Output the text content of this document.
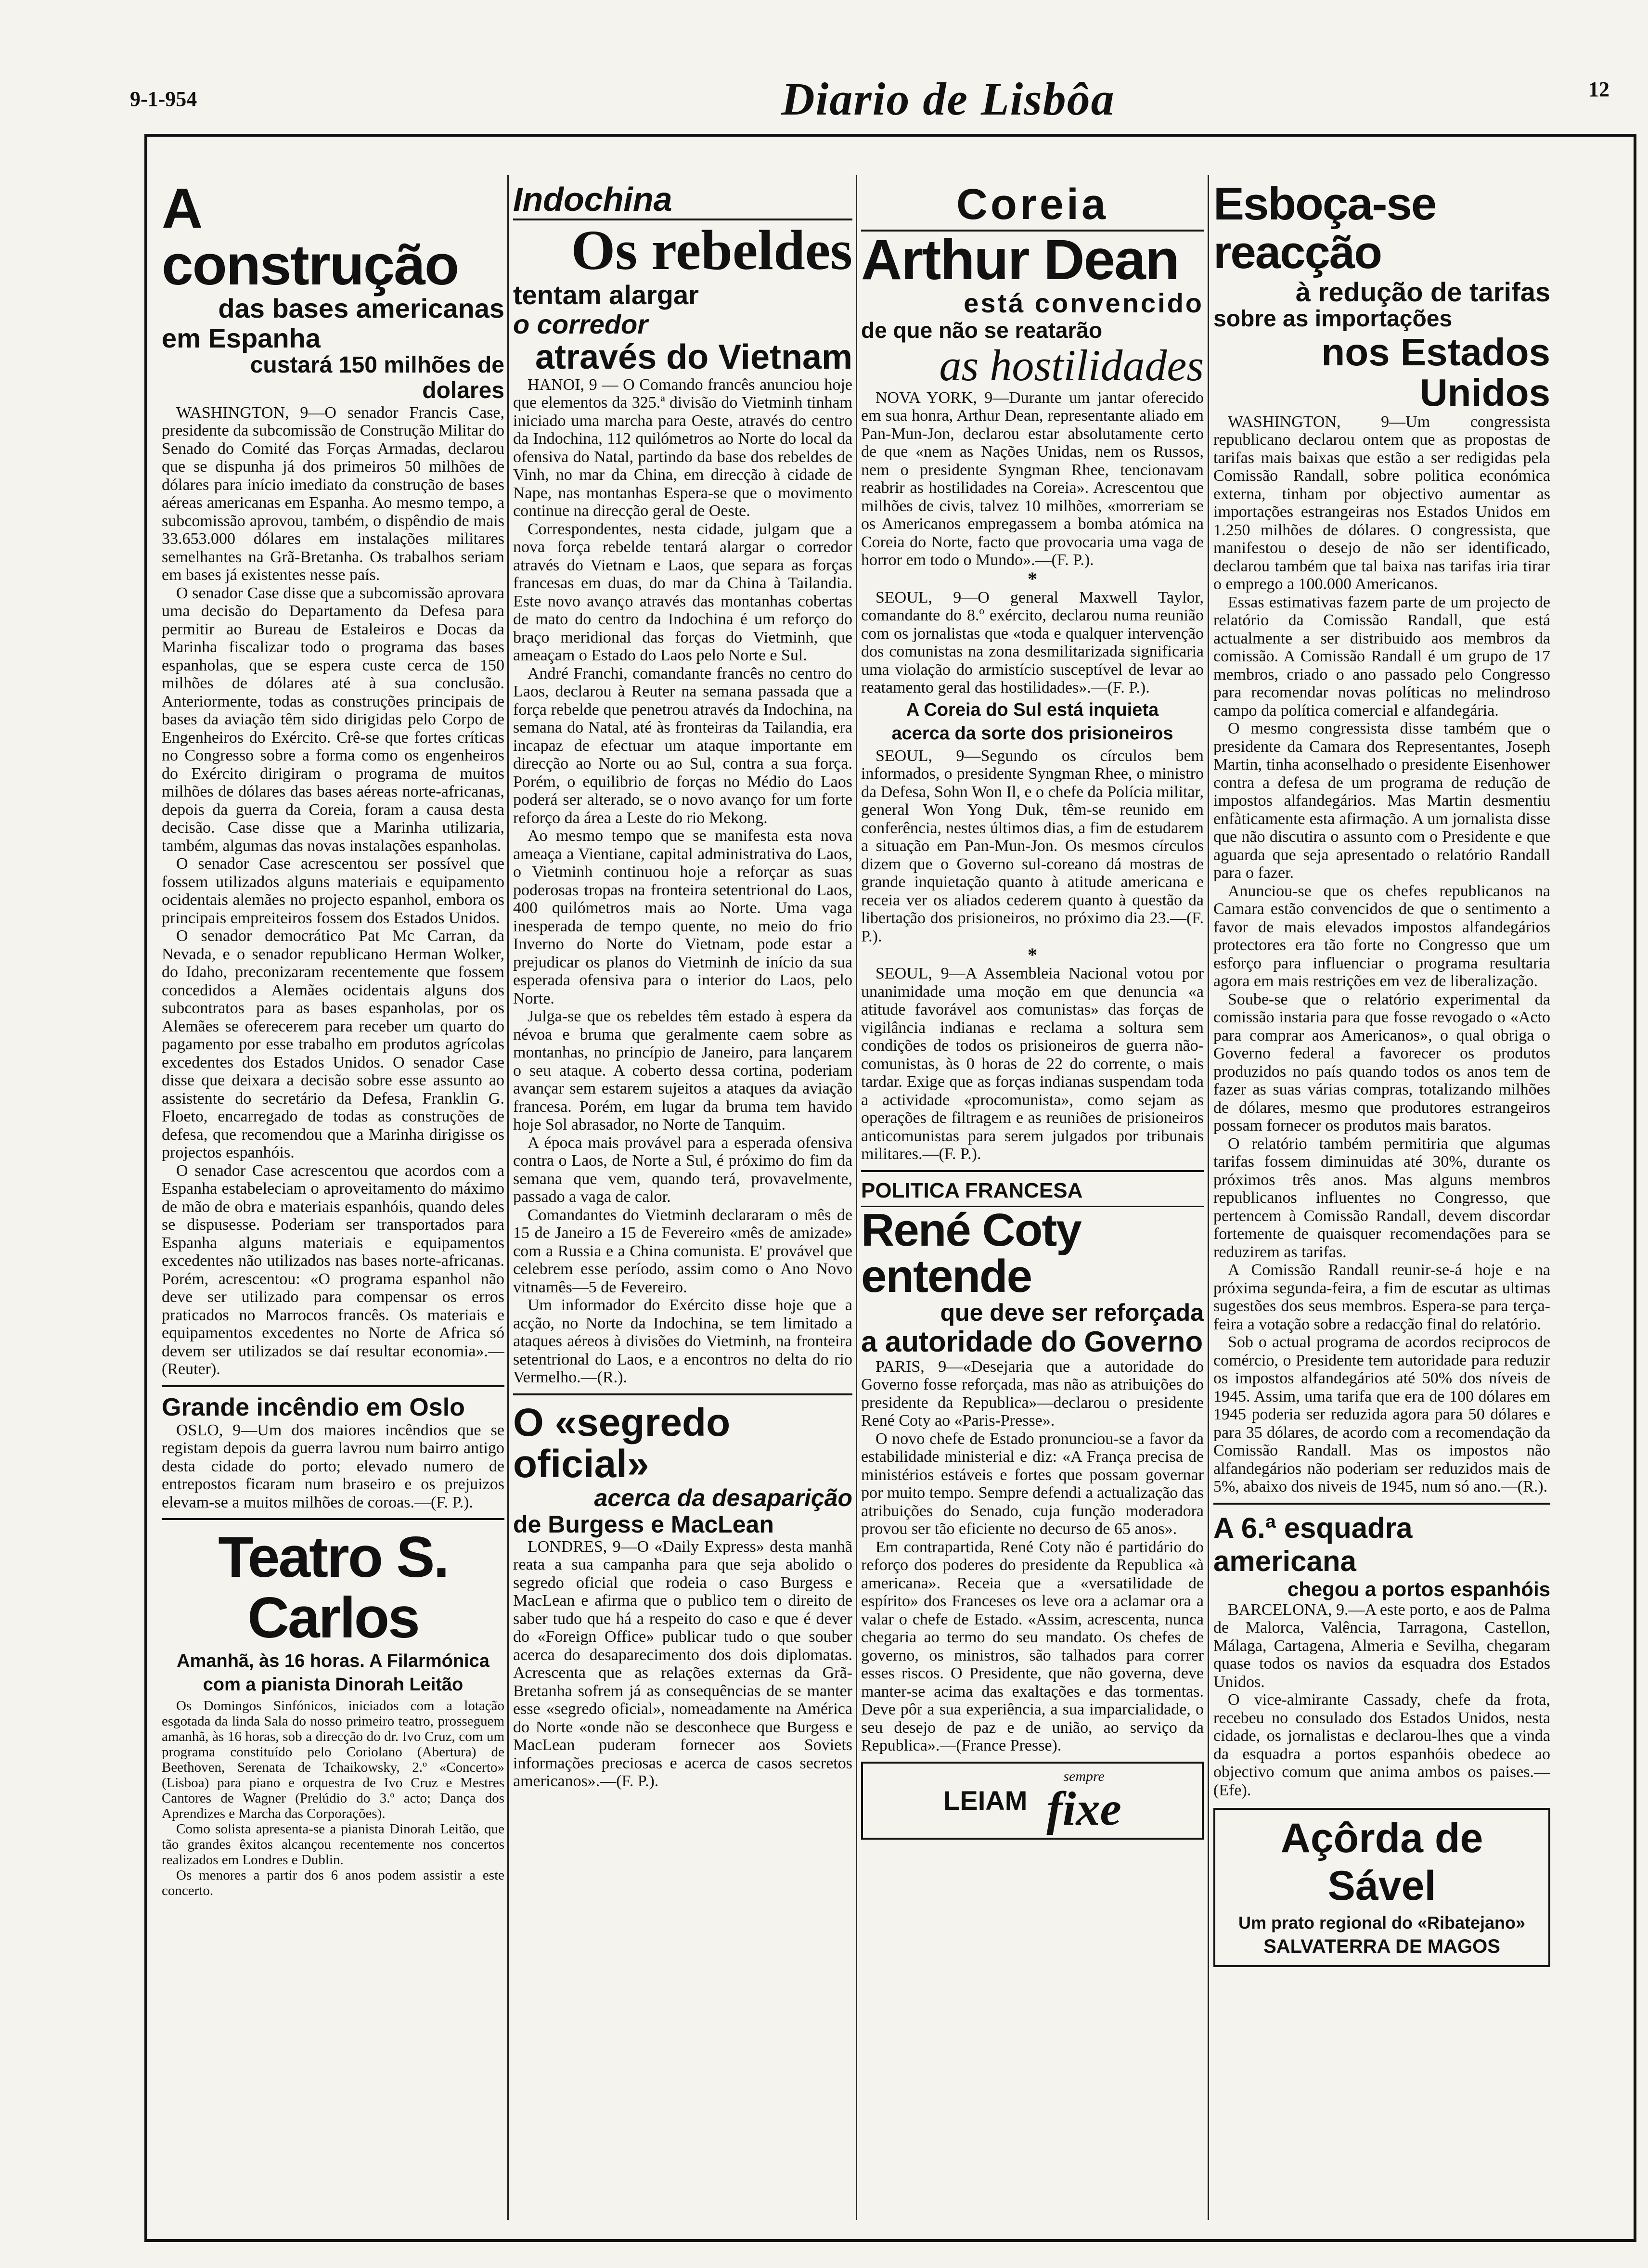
9-1-954	Diario de Lisbôa	12
A construção
das bases americanas
em Espanha
custará 150 milhões de dolares

WASHINGTON, 9—O senador Francis Case, presidente da subcomissão de Construção Militar do Senado do Comité das Forças Armadas, declarou que se dispunha já dos primeiros 50 milhões de dólares para início imediato da construção de bases aéreas americanas em Espanha. Ao mesmo tempo, a subcomissão aprovou, também, o dispêndio de mais 33.653.000 dólares em instalações militares semelhantes na Grã-Bretanha. Os trabalhos seriam em bases já existentes nesse país.

O senador Case disse que a subcomissão aprovara uma decisão do Departamento da Defesa para permitir ao Bureau de Estaleiros e Docas da Marinha fiscalizar todo o programa das bases espanholas, que se espera custe cerca de 150 milhões de dólares até à sua conclusão. Anteriormente, todas as construções principais de bases da aviação têm sido dirigidas pelo Corpo de Engenheiros do Exército. Crê-se que fortes críticas no Congresso sobre a forma como os engenheiros do Exército dirigiram o programa de muitos milhões de dólares das bases aéreas norte-africanas, depois da guerra da Coreia, foram a causa desta decisão. Case disse que a Marinha utilizaria, também, algumas das novas instalações espanholas.

O senador Case acrescentou ser possível que fossem utilizados alguns materiais e equipamento ocidentais alemães no projecto espanhol, embora os principais empreiteiros fossem dos Estados Unidos.

O senador democrático Pat Mc Carran, da Nevada, e o senador republicano Herman Wolker, do Idaho, preconizaram recentemente que fossem concedidos a Alemães ocidentais alguns dos subcontratos para as bases espanholas, por os Alemães se oferecerem para receber um quarto do pagamento por esse trabalho em produtos agrícolas excedentes dos Estados Unidos. O senador Case disse que deixara a decisão sobre esse assunto ao assistente do secretário da Defesa, Franklin G. Floeto, encarregado de todas as construções de defesa, que recomendou que a Marinha dirigisse os projectos espanhóis.

O senador Case acrescentou que acordos com a Espanha estabeleciam o aproveitamento do máximo de mão de obra e materiais espanhóis, quando deles se dispusesse. Poderiam ser transportados para Espanha alguns materiais e equipamentos excedentes não utilizados nas bases norte-africanas. Porém, acrescentou: «O programa espanhol não deve ser utilizado para compensar os erros praticados no Marrocos francês. Os materiais e equipamentos excedentes no Norte de Africa só devem ser utilizados se daí resultar economia».—(Reuter).

Grande incêndio em Oslo

OSLO, 9—Um dos maiores incêndios que se registam depois da guerra lavrou num bairro antigo desta cidade do porto; elevado numero de entrepostos ficaram num braseiro e os prejuizos elevam-se a muitos milhões de coroas.—(F. P.).

Teatro S. Carlos
Amanhã, às 16 horas. A Filarmónica
com a pianista Dinorah Leitão

Os Domingos Sinfónicos, iniciados com a lotação esgotada da linda Sala do nosso primeiro teatro, prosseguem amanhã, às 16 horas, sob a direcção do dr. Ivo Cruz, com um programa constituído pelo Coriolano (Abertura) de Beethoven, Serenata de Tchaikowsky, 2.º «Concerto» (Lisboa) para piano e orquestra de Ivo Cruz e Mestres Cantores de Wagner (Prelúdio do 3.º acto; Dança dos Aprendizes e Marcha das Corporações).

Como solista apresenta-se a pianista Dinorah Leitão, que tão grandes êxitos alcançou recentemente nos concertos realizados em Londres e Dublin.

Os menores a partir dos 6 anos podem assistir a este concerto.

Indochina
Os rebeldes
tentam alargar
o corredor
através do Vietnam

HANOI, 9 — O Comando francês anunciou hoje que elementos da 325.ª divisão do Vietminh tinham iniciado uma marcha para Oeste, através do centro da Indochina, 112 quilómetros ao Norte do local da ofensiva do Natal, partindo da base dos rebeldes de Vinh, no mar da China, em direcção à cidade de Nape, nas montanhas Espera-se que o movimento continue na direcção geral de Oeste.

Correspondentes, nesta cidade, julgam que a nova força rebelde tentará alargar o corredor através do Vietnam e Laos, que separa as forças francesas em duas, do mar da China à Tailandia. Este novo avanço através das montanhas cobertas de mato do centro da Indochina é um reforço do braço meridional das forças do Vietminh, que ameaçam o Estado do Laos pelo Norte e Sul.

André Franchi, comandante francês no centro do Laos, declarou à Reuter na semana passada que a força rebelde que penetrou através da Indochina, na semana do Natal, até às fronteiras da Tailandia, era incapaz de efectuar um ataque importante em direcção ao Norte ou ao Sul, contra a sua força. Porém, o equilibrio de forças no Médio do Laos poderá ser alterado, se o novo avanço for um forte reforço da área a Leste do rio Mekong.

Ao mesmo tempo que se manifesta esta nova ameaça a Vientiane, capital administrativa do Laos, o Vietminh continuou hoje a reforçar as suas poderosas tropas na fronteira setentrional do Laos, 400 quilómetros mais ao Norte. Uma vaga inesperada de tempo quente, no meio do frio Inverno do Norte do Vietnam, pode estar a prejudicar os planos do Vietminh de início da sua esperada ofensiva para o interior do Laos, pelo Norte.

Julga-se que os rebeldes têm estado à espera da névoa e bruma que geralmente caem sobre as montanhas, no princípio de Janeiro, para lançarem o seu ataque. A coberto dessa cortina, poderiam avançar sem estarem sujeitos a ataques da aviação francesa. Porém, em lugar da bruma tem havido hoje Sol abrasador, no Norte de Tanquim.

A época mais provável para a esperada ofensiva contra o Laos, de Norte a Sul, é próximo do fim da semana que vem, quando terá, provavelmente, passado a vaga de calor.

Comandantes do Vietminh declararam o mês de 15 de Janeiro a 15 de Fevereiro «mês de amizade» com a Russia e a China comunista. E' provável que celebrem esse período, assim como o Ano Novo vitnamês—5 de Fevereiro.

Um informador do Exército disse hoje que a acção, no Norte da Indochina, se tem limitado a ataques aéreos à divisões do Vietminh, na fronteira setentrional do Laos, e a encontros no delta do rio Vermelho.—(R.).

O «segredo oficial»
acerca da desaparição
de Burgess e MacLean

LONDRES, 9—O «Daily Express» desta manhã reata a sua campanha para que seja abolido o segredo oficial que rodeia o caso Burgess e MacLean e afirma que o publico tem o direito de saber tudo que há a respeito do caso e que é dever do «Foreign Office» publicar tudo o que souber acerca do desaparecimento dos dois diplomatas. Acrescenta que as relações externas da Grã-Bretanha sofrem já as consequências de se manter esse «segredo oficial», nomeadamente na América do Norte «onde não se desconhece que Burgess e MacLean puderam fornecer aos Soviets informações preciosas e acerca de casos secretos americanos».—(F. P.).

Coreia
Arthur Dean
está convencido
de que não se reatarão
as hostilidades

NOVA YORK, 9—Durante um jantar oferecido em sua honra, Arthur Dean, representante aliado em Pan-Mun-Jon, declarou estar absolutamente certo de que «nem as Nações Unidas, nem os Russos, nem o presidente Syngman Rhee, tencionavam reabrir as hostilidades na Coreia». Acrescentou que milhões de civis, talvez 10 milhões, «morreriam se os Americanos empregassem a bomba atómica na Coreia do Norte, facto que provocaria uma vaga de horror em todo o Mundo».—(F. P.).

*

SEOUL, 9—O general Maxwell Taylor, comandante do 8.º exército, declarou numa reunião com os jornalistas que «toda e qualquer intervenção dos comunistas na zona desmilitarizada significaria uma violação do armistício susceptível de levar ao reatamento geral das hostilidades».—(F. P.).

A Coreia do Sul está inquieta
acerca da sorte dos prisioneiros

SEOUL, 9—Segundo os círculos bem informados, o presidente Syngman Rhee, o ministro da Defesa, Sohn Won Il, e o chefe da Polícia militar, general Won Yong Duk, têm-se reunido em conferência, nestes últimos dias, a fim de estudarem a situação em Pan-Mun-Jon. Os mesmos círculos dizem que o Governo sul-coreano dá mostras de grande inquietação quanto à atitude americana e receia ver os aliados cederem quanto à questão da libertação dos prisioneiros, no próximo dia 23.—(F. P.).

*

SEOUL, 9—A Assembleia Nacional votou por unanimidade uma moção em que denuncia «a atitude favorável aos comunistas» das forças de vigilância indianas e reclama a soltura sem condições de todos os prisioneiros de guerra não-comunistas, às 0 horas de 22 do corrente, o mais tardar. Exige que as forças indianas suspendam toda a actividade «procomunista», como sejam as operações de filtragem e as reuniões de prisioneiros anticomunistas para serem julgados por tribunais militares.—(F. P.).

POLITICA FRANCESA
René Coty entende
que deve ser reforçada
a autoridade do Governo

PARIS, 9—«Desejaria que a autoridade do Governo fosse reforçada, mas não as atribuições do presidente da Republica»—declarou o presidente René Coty ao «Paris-Presse».

O novo chefe de Estado pronunciou-se a favor da estabilidade ministerial e diz: «A França precisa de ministérios estáveis e fortes que possam governar por muito tempo. Sempre defendi a actualização das atribuições do Senado, cuja função moderadora provou ser tão eficiente no decurso de 65 anos».

Em contrapartida, René Coty não é partidário do reforço dos poderes do presidente da Republica «à americana». Receia que a «versatilidade de espírito» dos Franceses os leve ora a aclamar ora a valar o chefe de Estado. «Assim, acrescenta, nunca chegaria ao termo do seu mandato. Os chefes de governo, os ministros, são talhados para correr esses riscos. O Presidente, que não governa, deve manter-se acima das exaltações e das tormentas. Deve pôr a sua experiência, a sua imparcialidade, o seu desejo de paz e de união, ao serviço da Republica».—(France Presse).

LEIAM
sempre
fixe
Esboça-se reacção
à redução de tarifas
sobre as importações
nos Estados Unidos

WASHINGTON, 9—Um congressista republicano declarou ontem que as propostas de tarifas mais baixas que estão a ser redigidas pela Comissão Randall, sobre politica económica externa, tinham por objectivo aumentar as importações estrangeiras nos Estados Unidos em 1.250 milhões de dólares. O congressista, que manifestou o desejo de não ser identificado, declarou também que tal baixa nas tarifas iria tirar o emprego a 100.000 Americanos.

Essas estimativas fazem parte de um projecto de relatório da Comissão Randall, que está actualmente a ser distribuido aos membros da comissão. A Comissão Randall é um grupo de 17 membros, criado o ano passado pelo Congresso para recomendar novas políticas no melindroso campo da política comercial e alfandegária.

O mesmo congressista disse também que o presidente da Camara dos Representantes, Joseph Martin, tinha aconselhado o presidente Eisenhower contra a defesa de um programa de redução de impostos alfandegários. Mas Martin desmentiu enfàticamente esta afirmação. A um jornalista disse que não discutira o assunto com o Presidente e que aguarda que seja apresentado o relatório Randall para o fazer.

Anunciou-se que os chefes republicanos na Camara estão convencidos de que o sentimento a favor de mais elevados impostos alfandegários protectores era tão forte no Congresso que um esforço para influenciar o programa resultaria agora em mais restrições em vez de liberalização.

Soube-se que o relatório experimental da comissão instaria para que fosse revogado o «Acto para comprar aos Americanos», o qual obriga o Governo federal a favorecer os produtos produzidos no país quando todos os anos tem de fazer as suas várias compras, totalizando milhões de dólares, mesmo que produtores estrangeiros possam fornecer os produtos mais baratos.

O relatório também permitiria que algumas tarifas fossem diminuidas até 30%, durante os próximos três anos. Mas alguns membros republicanos influentes no Congresso, que pertencem à Comissão Randall, devem discordar fortemente de quaisquer recomendações para se reduzirem as tarifas.

A Comissão Randall reunir-se-á hoje e na próxima segunda-feira, a fim de escutar as ultimas sugestões dos seus membros. Espera-se para terça-feira a votação sobre a redacção final do relatório.

Sob o actual programa de acordos reciprocos de comércio, o Presidente tem autoridade para reduzir os impostos alfandegários até 50% dos níveis de 1945. Assim, uma tarifa que era de 100 dólares em 1945 poderia ser reduzida agora para 50 dólares e para 35 dólares, de acordo com a recomendação da Comissão Randall. Mas os impostos não alfandegários não poderiam ser reduzidos mais de 5%, abaixo dos niveis de 1945, num só ano.—(R.).

A 6.ª esquadra americana
chegou a portos espanhóis

BARCELONA, 9.—A este porto, e aos de Palma de Malorca, Valência, Tarragona, Castellon, Málaga, Cartagena, Almeria e Sevilha, chegaram quase todos os navios da esquadra dos Estados Unidos.

O vice-almirante Cassady, chefe da frota, recebeu no consulado dos Estados Unidos, nesta cidade, os jornalistas e declarou-lhes que a vinda da esquadra a portos espanhóis obedece ao objectivo comum que anima ambos os paises.—(Efe).

Açôrda de Sável
Um prato regional do «Ribatejano»
SALVATERRA DE MAGOS
